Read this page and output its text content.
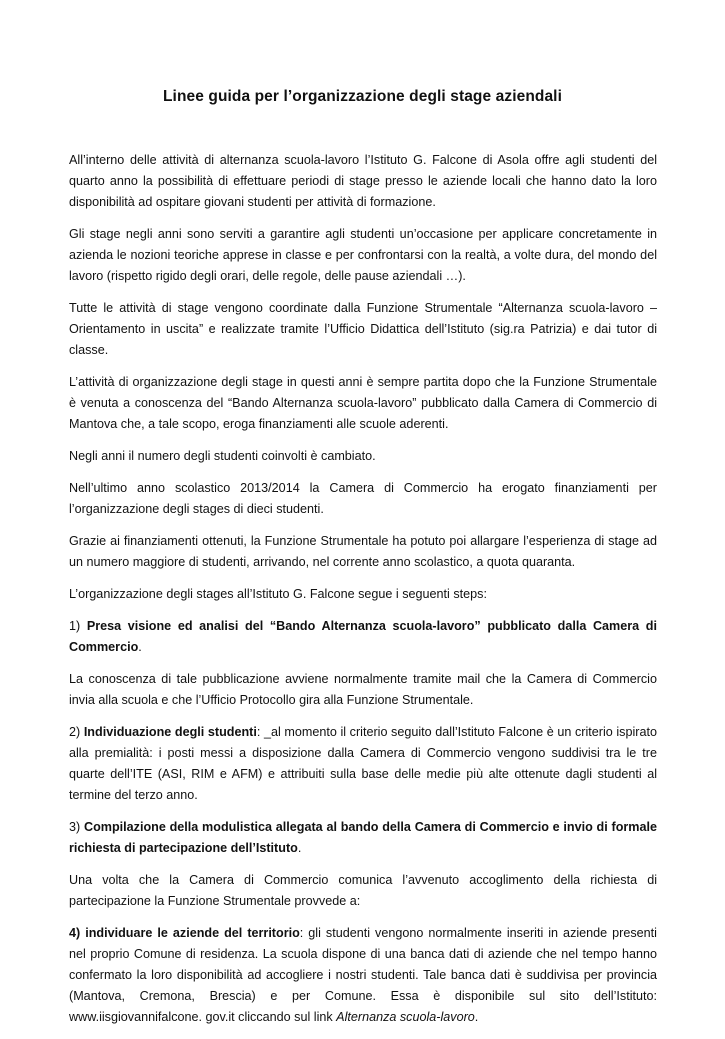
Linee guida per l’organizzazione degli stage aziendali

All’interno delle attività di alternanza scuola-lavoro l’Istituto G. Falcone di Asola offre agli studenti del quarto anno la possibilità di effettuare periodi di stage presso le aziende locali che hanno dato la loro disponibilità ad ospitare giovani studenti per attività di formazione.

Gli stage negli anni sono serviti a garantire agli studenti un’occasione per applicare concretamente in azienda le nozioni teoriche apprese in classe e per confrontarsi con la realtà, a volte dura, del mondo del lavoro (rispetto rigido degli orari, delle regole, delle pause aziendali …).

Tutte le attività di stage vengono coordinate dalla Funzione Strumentale “Alternanza scuola-lavoro – Orientamento in uscita” e realizzate tramite l’Ufficio Didattica dell’Istituto (sig.ra Patrizia) e dai tutor di classe.

L’attività di organizzazione degli stage in questi anni è sempre partita dopo che la Funzione Strumentale è venuta a conoscenza del “Bando Alternanza scuola-lavoro” pubblicato dalla Camera di Commercio di Mantova che, a tale scopo, eroga finanziamenti alle scuole aderenti.

Negli anni il numero degli studenti coinvolti è cambiato.

Nell’ultimo anno scolastico 2013/2014 la Camera di Commercio ha erogato finanziamenti per l’organizzazione degli stages di dieci studenti.

Grazie ai finanziamenti ottenuti, la Funzione Strumentale ha potuto poi allargare l’esperienza di stage ad un numero maggiore di studenti, arrivando, nel corrente anno scolastico, a quota quaranta.

L’organizzazione degli stages all’Istituto G. Falcone segue i seguenti steps:

1) Presa visione ed analisi del “Bando Alternanza scuola-lavoro” pubblicato dalla Camera di Commercio.

La conoscenza di tale pubblicazione avviene normalmente tramite mail che la Camera di Commercio invia alla scuola e che l’Ufficio Protocollo gira alla Funzione Strumentale.

2) Individuazione degli studenti: _al momento il criterio seguito dall’Istituto Falcone è un criterio ispirato alla premialità: i posti messi a disposizione dalla Camera di Commercio vengono suddivisi tra le tre quarte dell’ITE (ASI, RIM e AFM) e attribuiti sulla base delle medie più alte ottenute dagli studenti al termine del terzo anno.

3) Compilazione della modulistica allegata al bando della Camera di Commercio e invio di formale richiesta di partecipazione dell’Istituto.

Una volta che la Camera di Commercio comunica l’avvenuto accoglimento della richiesta di partecipazione la Funzione Strumentale provvede a:

4) individuare le aziende del territorio: gli studenti vengono normalmente inseriti in aziende presenti nel proprio Comune di residenza. La scuola dispone di una banca dati di aziende che nel tempo hanno confermato la loro disponibilità ad accogliere i nostri studenti. Tale banca dati è suddivisa per provincia (Mantova, Cremona, Brescia) e per Comune. Essa è disponibile sul sito dell’Istituto: www.iisgiovannifalcone. gov.it cliccando sul link Alternanza scuola-lavoro.
